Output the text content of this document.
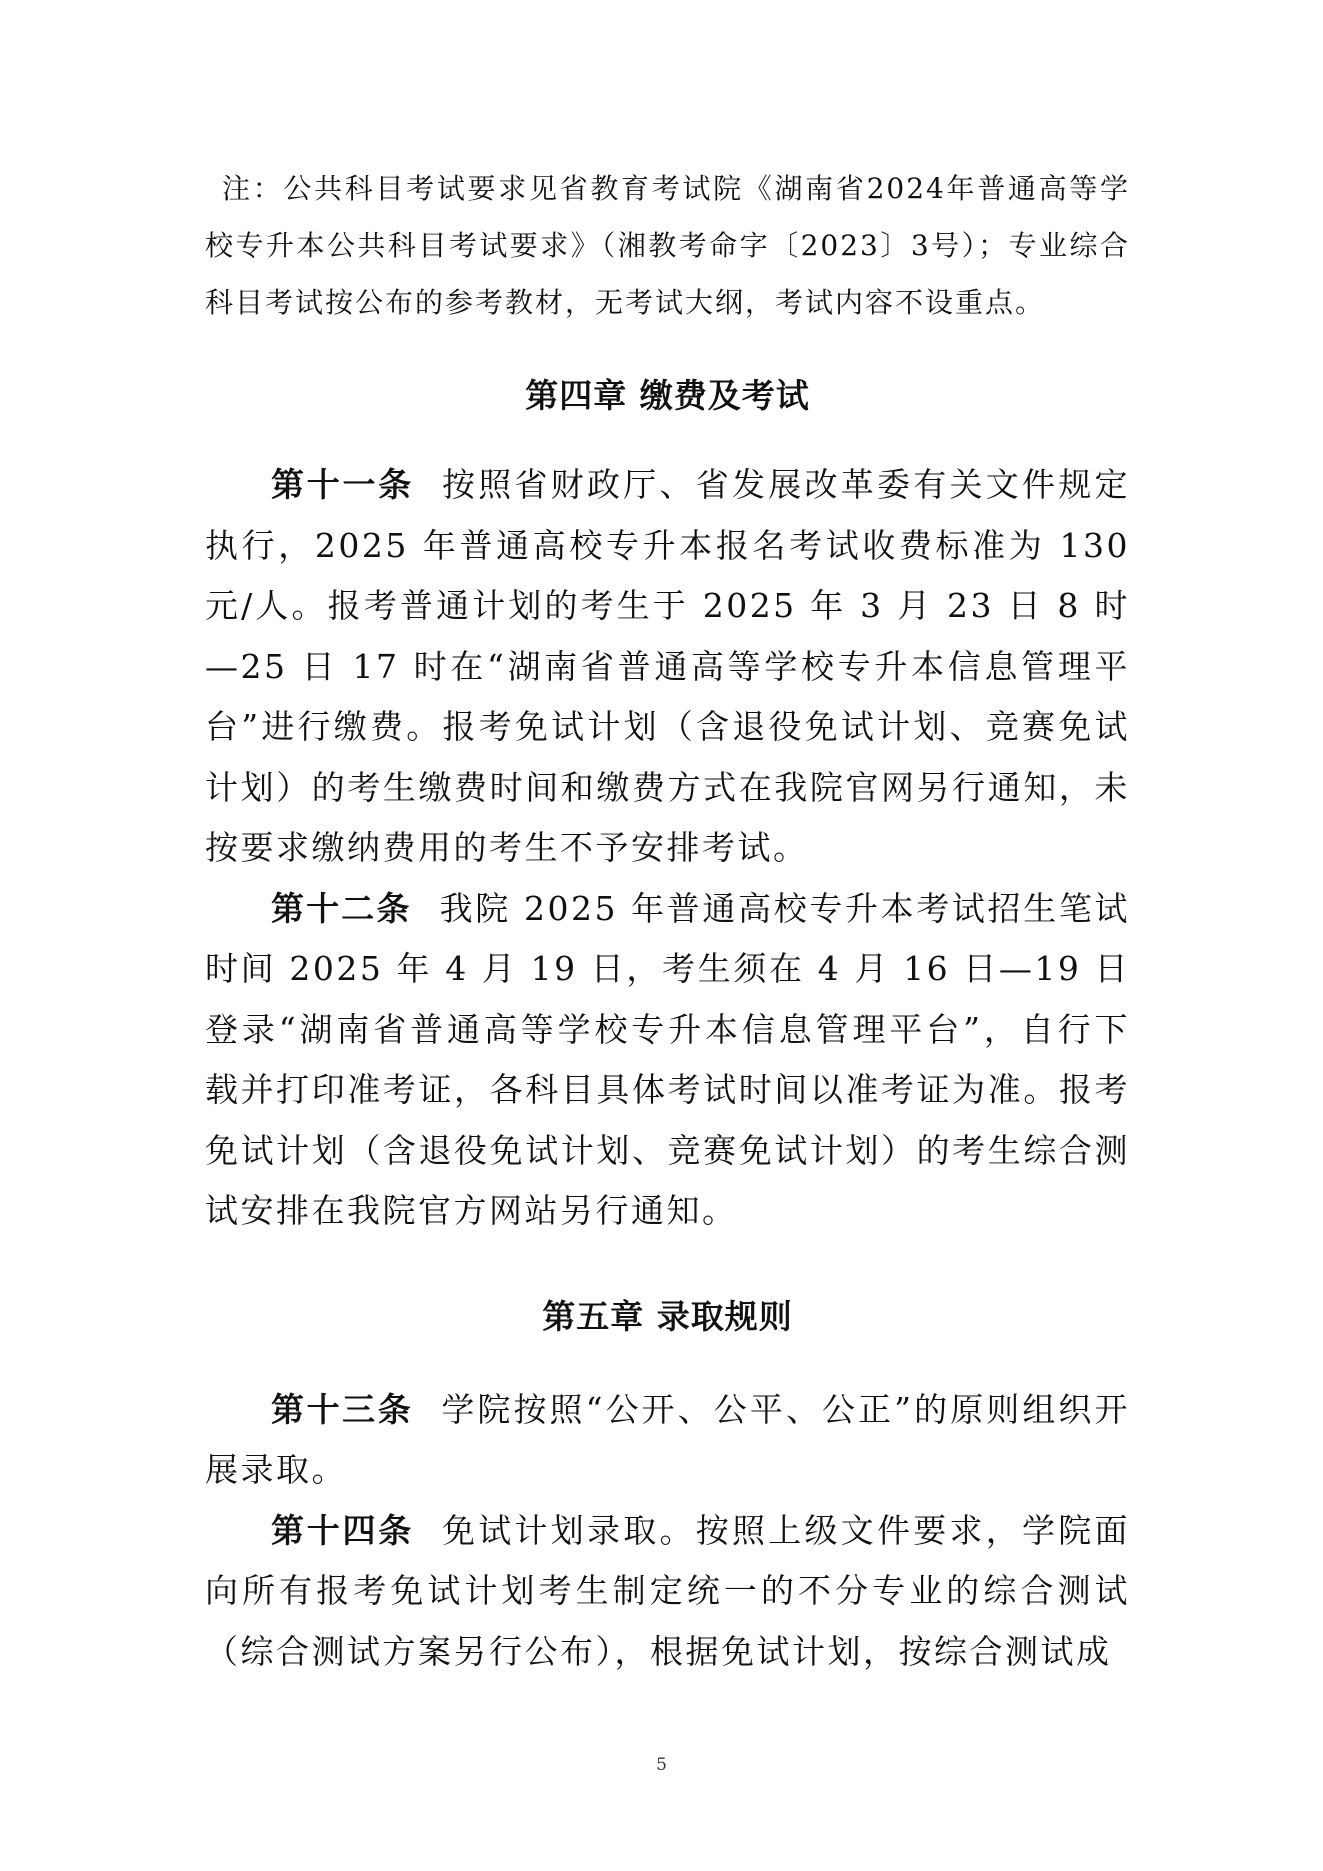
注：公共科目考试要求见省教育考试院《湖南省2024年普通高等学校专升本公共科目考试要求》（湘教考命字〔2023〕3号）；专业综合科目考试按公布的参考教材，无考试大纲，考试内容不设重点。

第四章 缴费及考试

第十一条 按照省财政厅、省发展改革委有关文件规定执行，2025 年普通高校专升本报名考试收费标准为 130 元/人。报考普通计划的考生于 2025 年 3 月 23 日 8 时—25 日 17 时在“湖南省普通高等学校专升本信息管理平台”进行缴费。报考免试计划（含退役免试计划、竞赛免试计划）的考生缴费时间和缴费方式在我院官网另行通知，未按要求缴纳费用的考生不予安排考试。

第十二条 我院 2025 年普通高校专升本考试招生笔试时间 2025 年 4 月 19 日，考生须在 4 月 16 日—19 日登录“湖南省普通高等学校专升本信息管理平台”，自行下载并打印准考证，各科目具体考试时间以准考证为准。报考免试计划（含退役免试计划、竞赛免试计划）的考生综合测试安排在我院官方网站另行通知。

第五章 录取规则

第十三条 学院按照“公开、公平、公正”的原则组织开展录取。

第十四条 免试计划录取。按照上级文件要求，学院面向所有报考免试计划考生制定统一的不分专业的综合测试（综合测试方案另行公布），根据免试计划，按综合测试成

5
